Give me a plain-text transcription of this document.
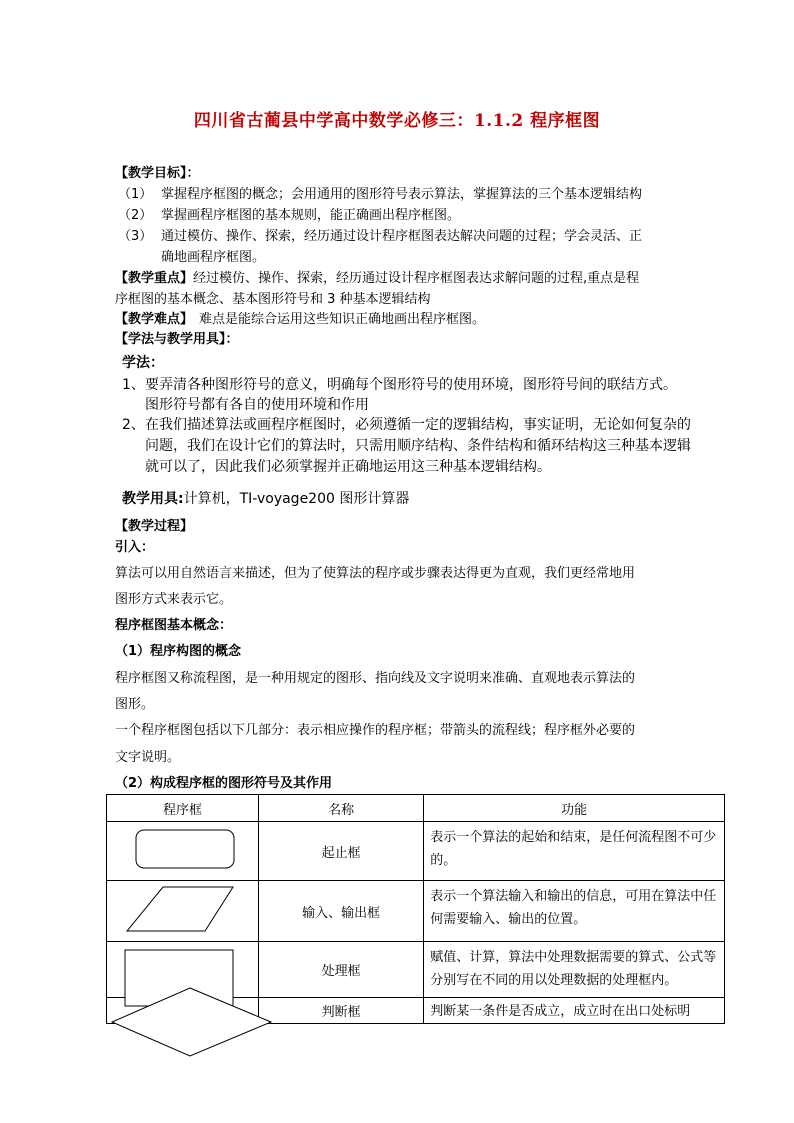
四川省古蔺县中学高中数学必修三：1.1.2 程序框图
【教学目标】：
（1） 掌握程序框图的概念；会用通用的图形符号表示算法，掌握算法的三个基本逻辑结构
（2） 掌握画程序框图的基本规则，能正确画出程序框图。
（3） 通过模仿、操作、探索，经历通过设计程序框图表达解决问题的过程；学会灵活、正
确地画程序框图。
【教学重点】经过模仿、操作、探索，经历通过设计程序框图表达求解问题的过程,重点是程
序框图的基本概念、基本图形符号和 3 种基本逻辑结构
【教学难点】 难点是能综合运用这些知识正确地画出程序框图。
【学法与教学用具】：
学法：
1、 要弄清各种图形符号的意义，明确每个图形符号的使用环境，图形符号间的联结方式。
图形符号都有各自的使用环境和作用
2、 在我们描述算法或画程序框图时，必须遵循一定的逻辑结构，事实证明，无论如何复杂的
问题，我们在设计它们的算法时，只需用顺序结构、条件结构和循环结构这三种基本逻辑
就可以了，因此我们必须掌握并正确地运用这三种基本逻辑结构。
教学用具:计算机，TI-voyage200 图形计算器
【教学过程】
引入：
算法可以用自然语言来描述，但为了使算法的程序或步骤表达得更为直观，我们更经常地用
图形方式来表示它。
程序框图基本概念：
（1）程序构图的概念
程序框图又称流程图，是一种用规定的图形、指向线及文字说明来准确、直观地表示算法的
图形。
一个程序框图包括以下几部分：表示相应操作的程序框；带箭头的流程线；程序框外必要的
文字说明。
（2）构成程序框的图形符号及其作用
程序框	名称	功能
	起止框	表示一个算法的起始和结束，是任何流程图不可少的。
	输入、输出框	表示一个算法输入和输出的信息，可用在算法中任何需要输入、输出的位置。

	处理框	赋值、计算，算法中处理数据需要的算式、公式等分别写在不同的用以处理数据的处理框内。
	判断框	判断某一条件是否成立，成立时在出口处标明
